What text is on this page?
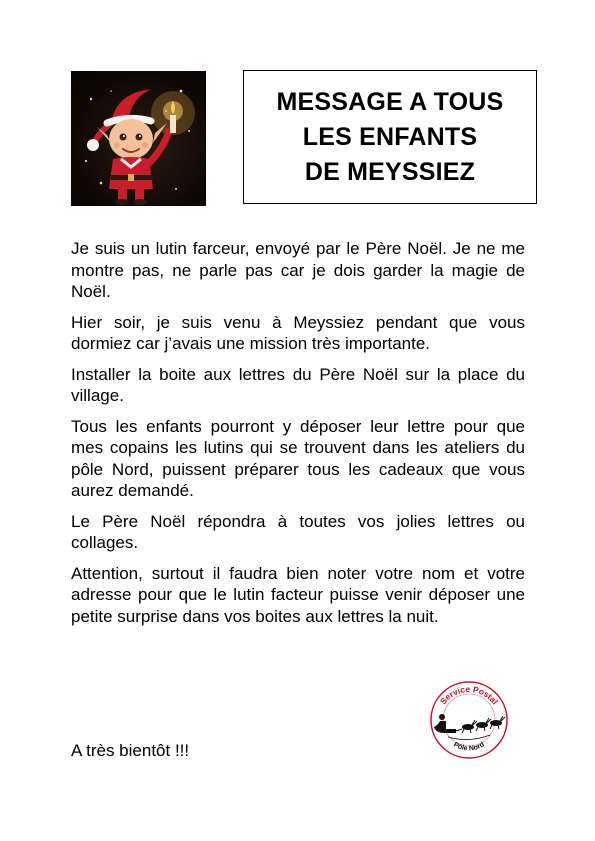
MESSAGE A TOUS
LES ENFANTS
DE MEYSSIEZ

Je suis un lutin farceur, envoyé par le Père Noël. Je ne me montre pas, ne parle pas car je dois garder la magie de Noël.

Hier soir, je suis venu à Meyssiez pendant que vous dormiez car j’avais une mission très importante.

Installer la boite aux lettres du Père Noël sur la place du village.

Tous les enfants pourront y déposer leur lettre pour que mes copains les lutins qui se trouvent dans les ateliers du pôle Nord, puissent préparer tous les cadeaux que vous aurez demandé.

Le Père Noël répondra à toutes vos jolies lettres ou collages.

Attention, surtout il faudra bien noter votre nom et votre adresse pour que le lutin facteur puisse venir déposer une petite surprise dans vos boites aux lettres la nuit.

Service Postal
Pôle Nord
A très bientôt !!!
